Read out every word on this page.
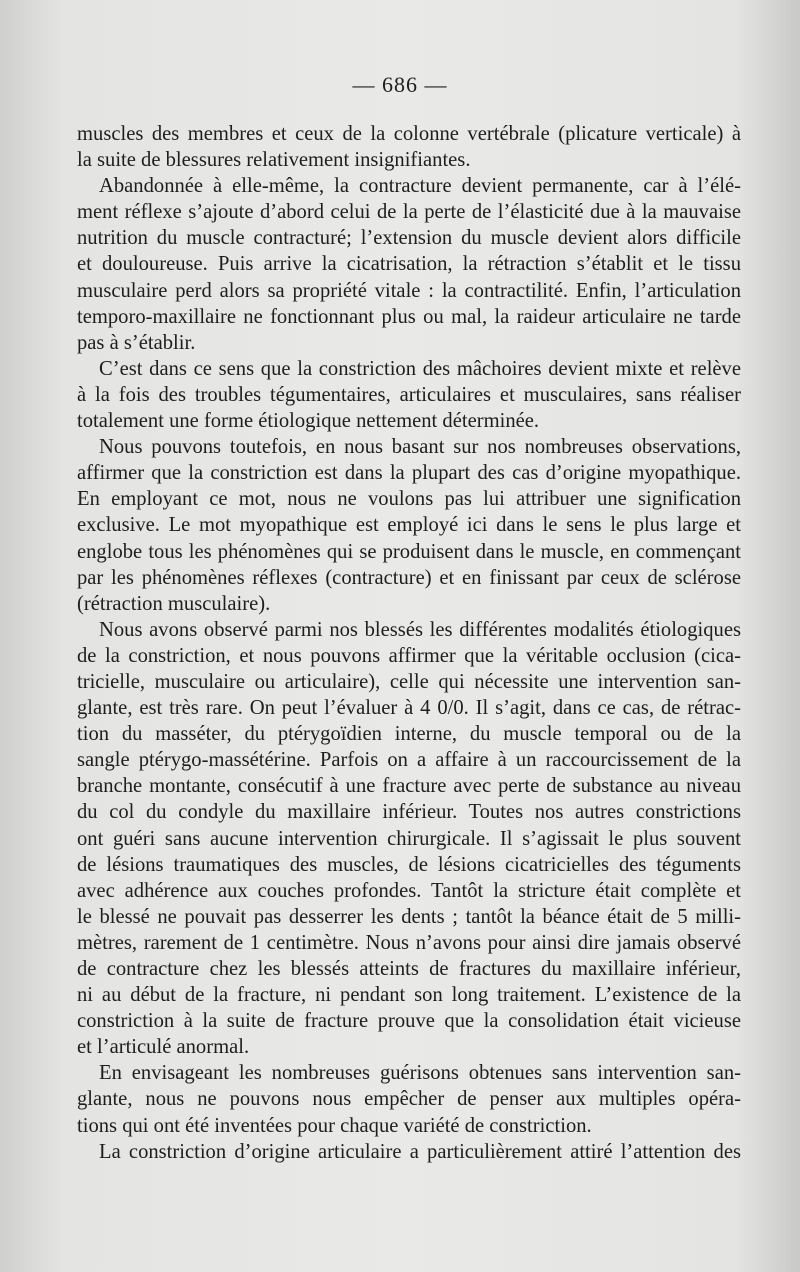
— 686 —

muscles des membres et ceux de la colonne vertébrale (plicature verticale) à

la suite de blessures relativement insignifiantes.

Abandonnée à elle-même, la contracture devient permanente, car à l’élé-

ment réflexe s’ajoute d’abord celui de la perte de l’élasticité due à la mauvaise

nutrition du muscle contracturé; l’extension du muscle devient alors difficile

et douloureuse. Puis arrive la cicatrisation, la rétraction s’établit et le tissu

musculaire perd alors sa propriété vitale : la contractilité. Enfin, l’articulation

temporo-maxillaire ne fonctionnant plus ou mal, la raideur articulaire ne tarde

pas à s’établir.

C’est dans ce sens que la constriction des mâchoires devient mixte et relève

à la fois des troubles tégumentaires, articulaires et musculaires, sans réaliser

totalement une forme étiologique nettement déterminée.

Nous pouvons toutefois, en nous basant sur nos nombreuses observations,

affirmer que la constriction est dans la plupart des cas d’origine myopathique.

En employant ce mot, nous ne voulons pas lui attribuer une signification

exclusive. Le mot myopathique est employé ici dans le sens le plus large et

englobe tous les phénomènes qui se produisent dans le muscle, en commençant

par les phénomènes réflexes (contracture) et en finissant par ceux de sclérose

(rétraction musculaire).

Nous avons observé parmi nos blessés les différentes modalités étiologiques

de la constriction, et nous pouvons affirmer que la véritable occlusion (cica-

tricielle, musculaire ou articulaire), celle qui nécessite une intervention san-

glante, est très rare. On peut l’évaluer à 4 0/0. Il s’agit, dans ce cas, de rétrac-

tion du masséter, du ptérygoïdien interne, du muscle temporal ou de la

sangle ptérygo-massétérine. Parfois on a affaire à un raccourcissement de la

branche montante, consécutif à une fracture avec perte de substance au niveau

du col du condyle du maxillaire inférieur. Toutes nos autres constrictions

ont guéri sans aucune intervention chirurgicale. Il s’agissait le plus souvent

de lésions traumatiques des muscles, de lésions cicatricielles des téguments

avec adhérence aux couches profondes. Tantôt la stricture était complète et

le blessé ne pouvait pas desserrer les dents ; tantôt la béance était de 5 milli-

mètres, rarement de 1 centimètre. Nous n’avons pour ainsi dire jamais observé

de contracture chez les blessés atteints de fractures du maxillaire inférieur,

ni au début de la fracture, ni pendant son long traitement. L’existence de la

constriction à la suite de fracture prouve que la consolidation était vicieuse

et l’articulé anormal.

En envisageant les nombreuses guérisons obtenues sans intervention san-

glante, nous ne pouvons nous empêcher de penser aux multiples opéra-

tions qui ont été inventées pour chaque variété de constriction.

La constriction d’origine articulaire a particulièrement attiré l’attention des
